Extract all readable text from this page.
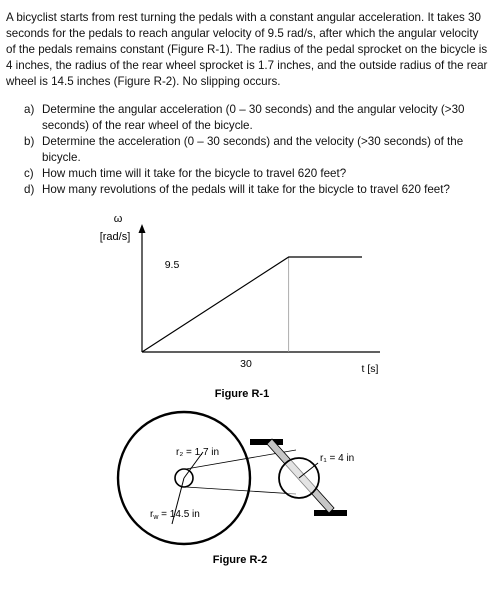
A bicyclist starts from rest turning the pedals with a constant angular acceleration. It takes 30 seconds for the pedals to reach angular velocity of 9.5 rad/s, after which the angular velocity of the pedals remains constant (Figure R-1). The radius of the pedal sprocket on the bicycle is 4 inches, the radius of the rear wheel sprocket is 1.7 inches, and the outside radius of the rear wheel is 14.5 inches (Figure R-2). No slipping occurs.

a) Determine the angular acceleration (0 – 30 seconds) and the angular velocity (>30 seconds) of the rear wheel of the bicycle.
b) Determine the acceleration (0 – 30 seconds) and the velocity (>30 seconds) of the bicycle.
c) How much time will it take for the bicycle to travel 620 feet?
d) How many revolutions of the pedals will it take for the bicycle to travel 620 feet?
ω
[rad/s]
9.5
30	t [s]
Figure R-1
r₂ = 1.7 in
r₁ = 4 in
$r_w = 14.5$ in
Figure R-2
